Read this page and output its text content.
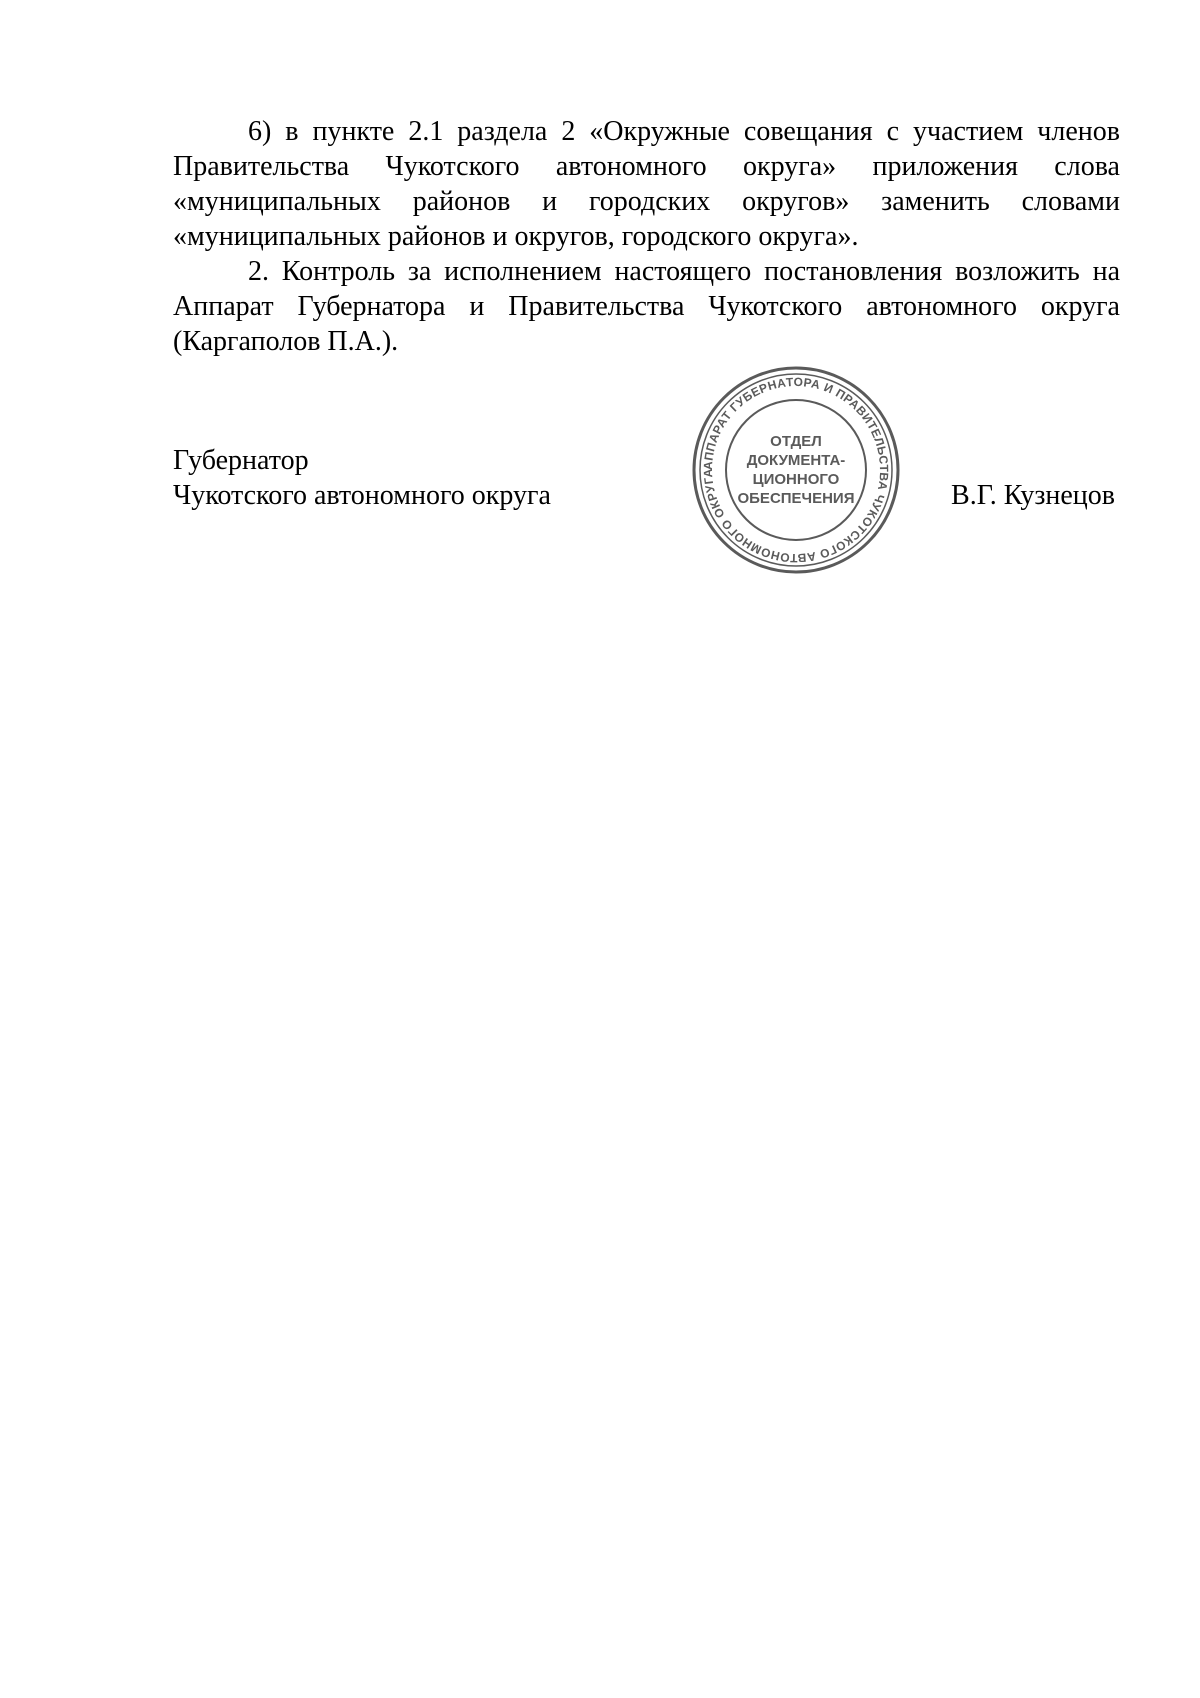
6) в пункте 2.1 раздела 2 «Окружные совещания с участием членов Правительства Чукотского автономного округа» приложения слова «муниципальных районов и городских округов» заменить словами «муниципальных районов и округов, городского округа».

2. Контроль за исполнением настоящего постановления возложить на Аппарат Губернатора и Правительства Чукотского автономного округа (Каргаполов П.А.).

Губернатор
Чукотского автономного округа	В.Г. Кузнецов
АППАРАТ ГУБЕРНАТОРА И ПРАВИТЕЛЬСТВА ЧУКОТСКОГО АВТОНОМНОГО ОКРУГА
ОТДЕЛ
ДОКУМЕНТА-
ЦИОННОГО
ОБЕСПЕЧЕНИЯ
